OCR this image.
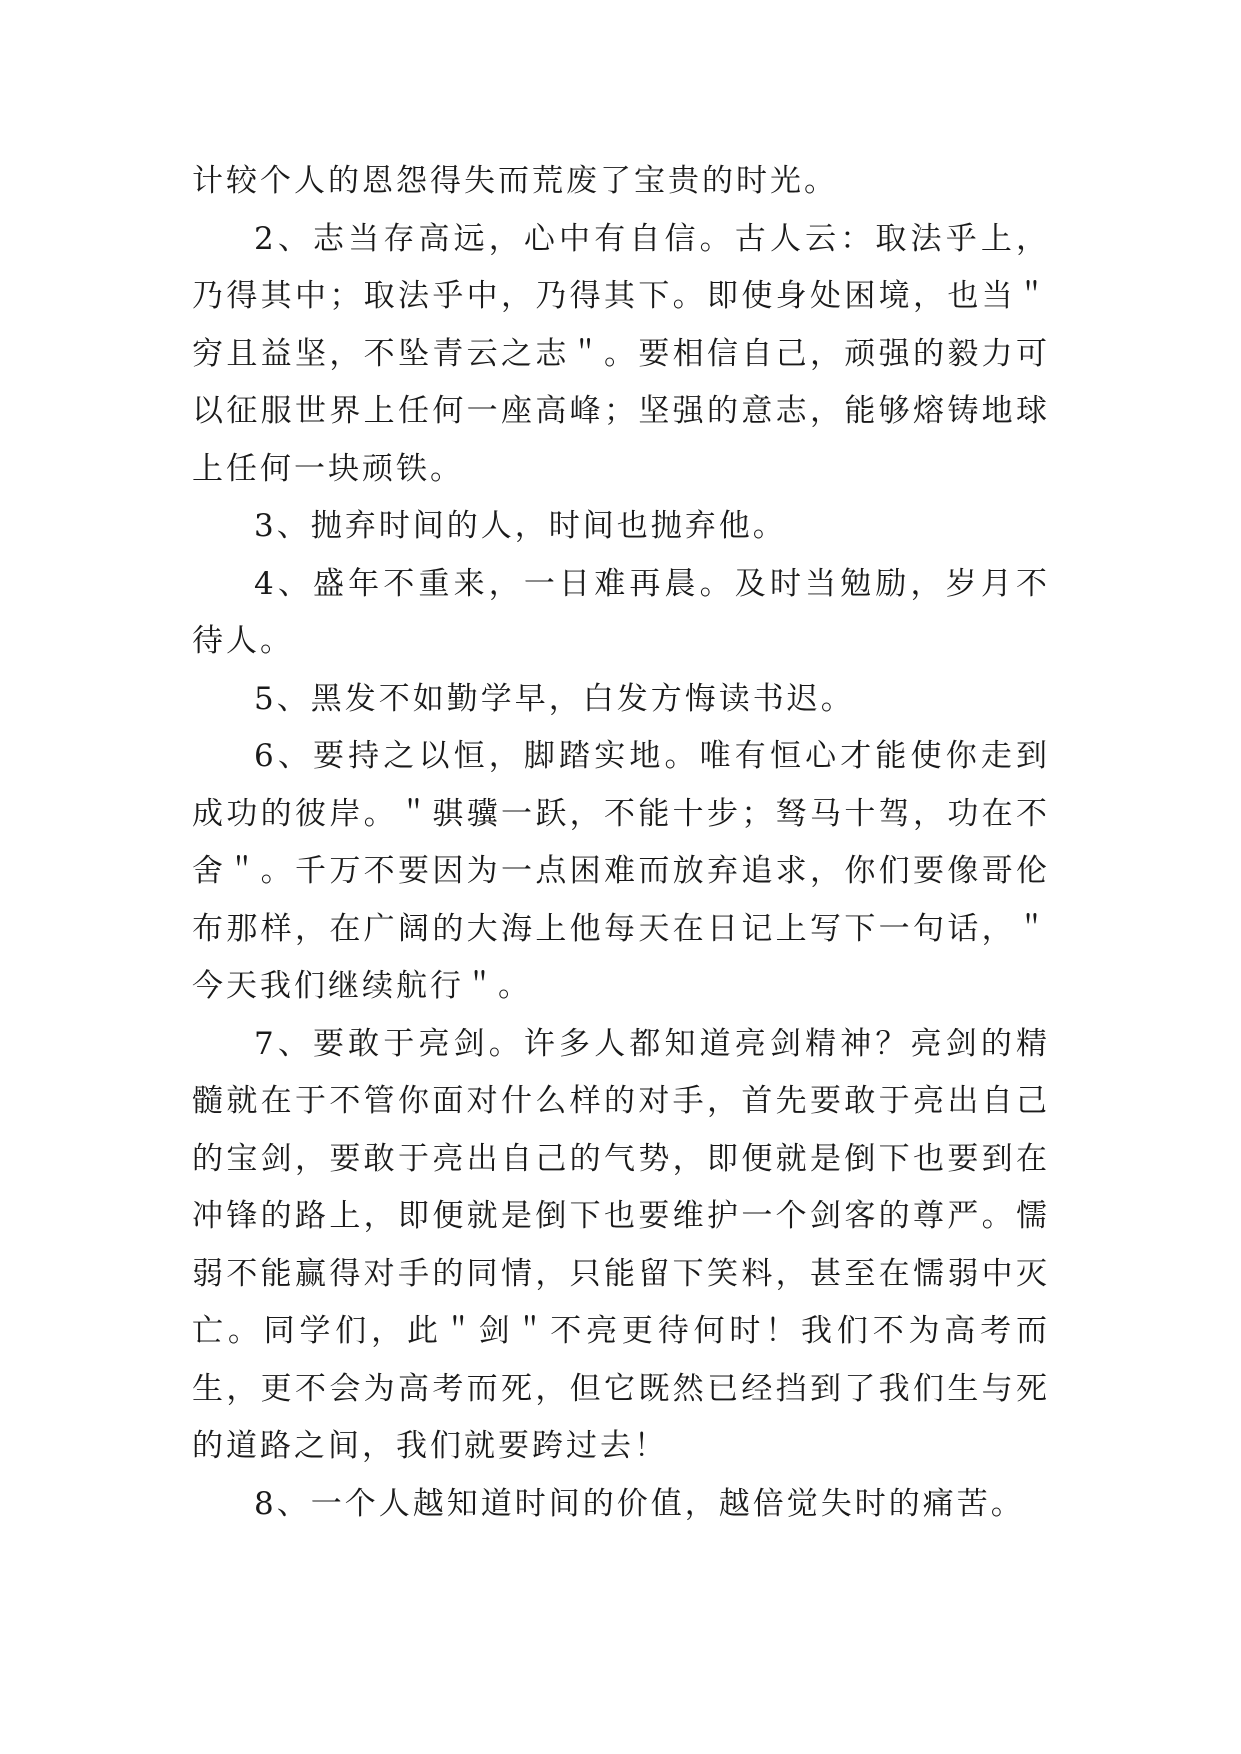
计较个人的恩怨得失而荒废了宝贵的时光。

2、志当存高远，心中有自信。古人云：取法乎上，乃得其中；取法乎中，乃得其下。即使身处困境，也当＂穷且益坚，不坠青云之志＂。要相信自己，顽强的毅力可以征服世界上任何一座高峰；坚强的意志，能够熔铸地球上任何一块顽铁。

3、抛弃时间的人，时间也抛弃他。

4、盛年不重来，一日难再晨。及时当勉励，岁月不待人。

5、黑发不如勤学早，白发方悔读书迟。

6、要持之以恒，脚踏实地。唯有恒心才能使你走到成功的彼岸。＂骐骥一跃，不能十步；驽马十驾，功在不舍＂。千万不要因为一点困难而放弃追求，你们要像哥伦布那样，在广阔的大海上他每天在日记上写下一句话，＂今天我们继续航行＂。

7、要敢于亮剑。许多人都知道亮剑精神？亮剑的精髓就在于不管你面对什么样的对手，首先要敢于亮出自己的宝剑，要敢于亮出自己的气势，即便就是倒下也要到在冲锋的路上，即便就是倒下也要维护一个剑客的尊严。懦弱不能赢得对手的同情，只能留下笑料，甚至在懦弱中灭亡。同学们，此＂剑＂不亮更待何时！我们不为高考而生，更不会为高考而死，但它既然已经挡到了我们生与死的道路之间，我们就要跨过去！

8、一个人越知道时间的价值，越倍觉失时的痛苦。
